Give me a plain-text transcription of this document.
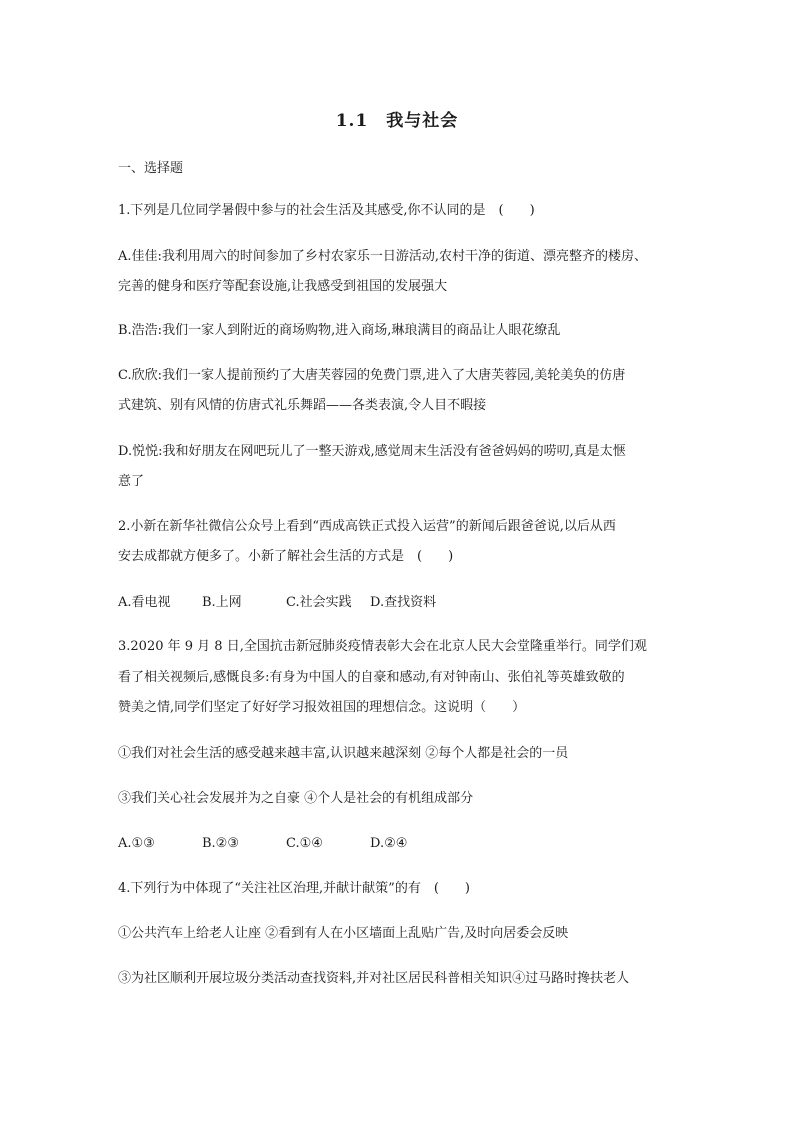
1.1　我与社会
一、选择题
1.下列是几位同学暑假中参与的社会生活及其感受,你不认同的是　(　　)
A.佳佳:我利用周六的时间参加了乡村农家乐一日游活动,农村干净的街道、漂亮整齐的楼房、
完善的健身和医疗等配套设施,让我感受到祖国的发展强大
B.浩浩:我们一家人到附近的商场购物,进入商场,琳琅满目的商品让人眼花缭乱
C.欣欣:我们一家人提前预约了大唐芙蓉园的免费门票,进入了大唐芙蓉园,美轮美奂的仿唐
式建筑、别有风情的仿唐式礼乐舞蹈——各类表演,令人目不暇接
D.悦悦:我和好朋友在网吧玩儿了一整天游戏,感觉周末生活没有爸爸妈妈的唠叨,真是太惬
意了
2.小新在新华社微信公众号上看到“西成高铁正式投入运营”的新闻后跟爸爸说,以后从西
安去成都就方便多了。小新了解社会生活的方式是　(　　)
A.看电视 B.上网	C.社会实践 D.查找资料
3.2020 年 9 月 8 日,全国抗击新冠肺炎疫情表彰大会在北京人民大会堂隆重举行。同学们观
看了相关视频后,感慨良多:有身为中国人的自豪和感动,有对钟南山、张伯礼等英雄致敬的
赞美之情,同学们坚定了好好学习报效祖国的理想信念。这说明（　　）
①我们对社会生活的感受越来越丰富,认识越来越深刻 ②每个人都是社会的一员
③我们关心社会发展并为之自豪 ④个人是社会的有机组成部分
A.①③	B.②③	C.①④	D.②④
4.下列行为中体现了“关注社区治理,并献计献策”的有　(　　)
①公共汽车上给老人让座 ②看到有人在小区墙面上乱贴广告,及时向居委会反映
③为社区顺利开展垃圾分类活动查找资料,并对社区居民科普相关知识④过马路时搀扶老人
